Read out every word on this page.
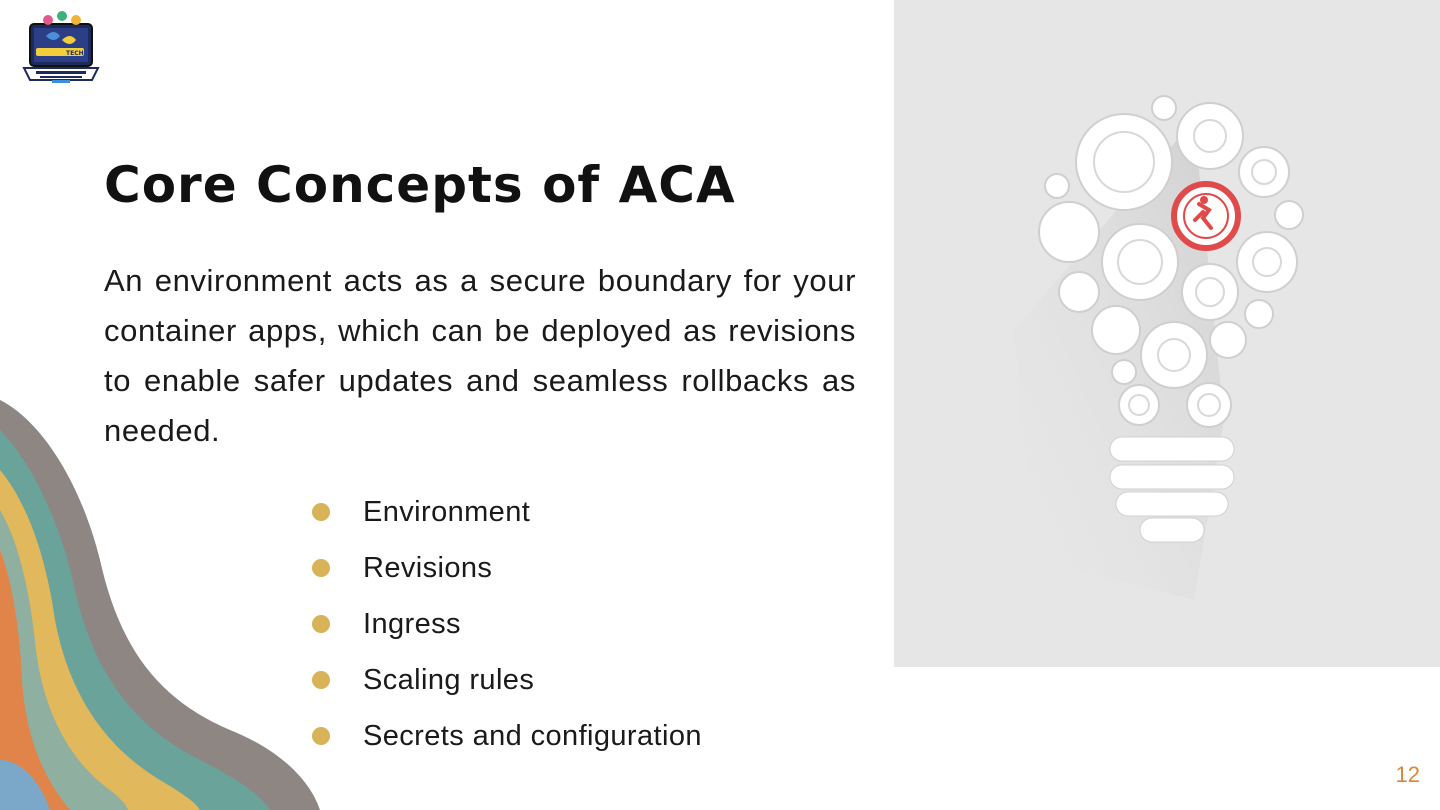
TECH
Core Concepts of ACA

An environment acts as a secure boundary for your container apps, which can be deployed as revisions to enable safer updates and seamless rollbacks as needed.

Environment
Revisions
Ingress
Scaling rules
Secrets and configuration
12
